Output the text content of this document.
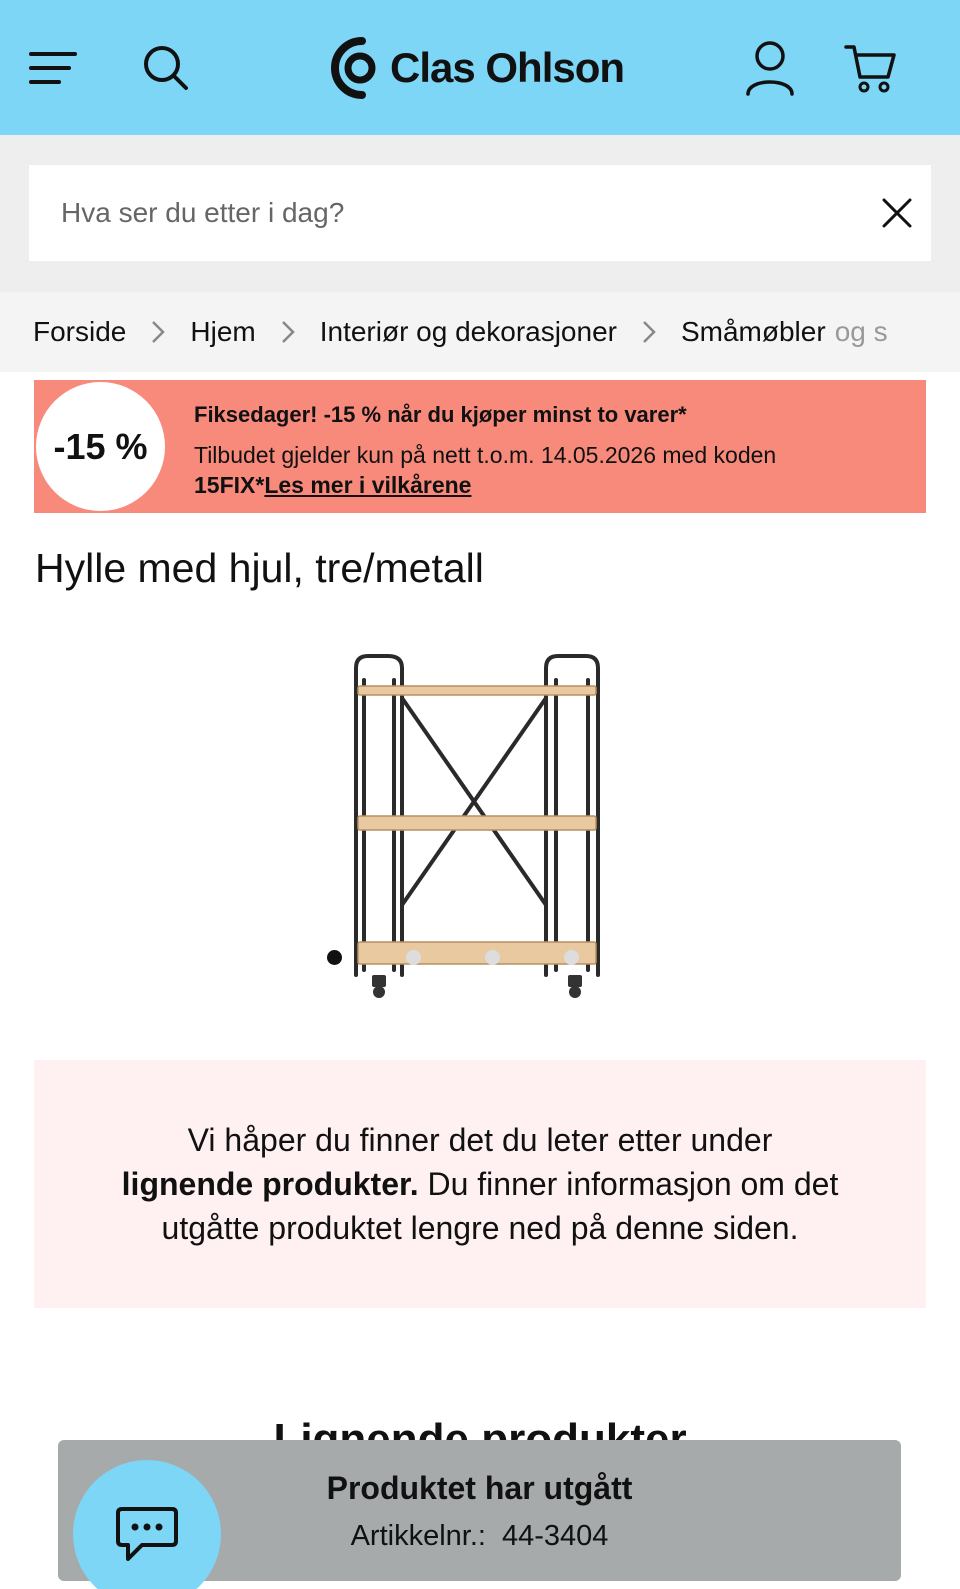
Clas Ohlson
Hva ser du etter i dag?
Forside Hjem Interiør og dekorasjoner Småmøbler og s
-15 %
Fiksedager! -15 % når du kjøper minst to varer*
Tilbudet gjelder kun på nett t.o.m. 14.05.2026 med koden
15FIX*Les mer i vilkårene
Hylle med hjul, tre/metall

Vi håper du finner det du leter etter under lignende produkter. Du finner informasjon om det utgåtte produktet lengre ned på denne siden.

Produktet har utgått
Artikkelnr.: 44-3404
